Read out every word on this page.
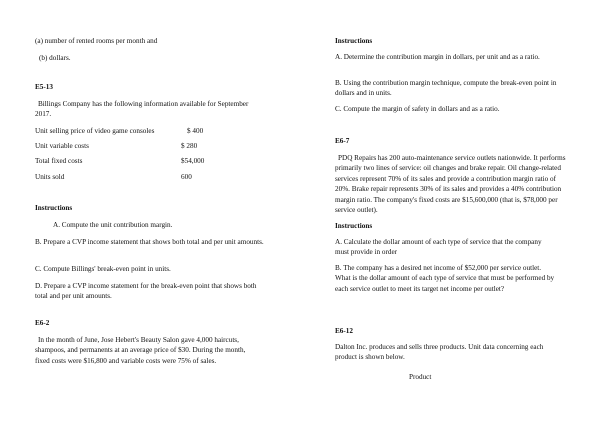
(a) number of rented rooms per month and

(b) dollars.

E5-13

Billings Company has the following information available for September 2017.

Unit selling price of video game consoles	$ 400
Unit variable costs	$ 280
Total fixed costs	$54,000
Units sold	600

Instructions

A. Compute the unit contribution margin.

B. Prepare a CVP income statement that shows both total and per unit amounts.

C. Compute Billings' break-even point in units.

D. Prepare a CVP income statement for the break-even point that shows both total and per unit amounts.

E6-2

In the month of June, Jose Hebert's Beauty Salon gave 4,000 haircuts, shampoos, and permanents at an average price of $30. During the month, fixed costs were $16,800 and variable costs were 75% of sales.

Instructions

A. Determine the contribution margin in dollars, per unit and as a ratio.

B. Using the contribution margin technique, compute the break-even point in dollars and in units.

C. Compute the margin of safety in dollars and as a ratio.

E6-7

PDQ Repairs has 200 auto-maintenance service outlets nationwide. It performs primarily two lines of service: oil changes and brake repair. Oil change-related services represent 70% of its sales and provide a contribution margin ratio of 20%. Brake repair represents 30% of its sales and provides a 40% contribution margin ratio. The company's fixed costs are $15,600,000 (that is, $78,000 per service outlet).

Instructions

A. Calculate the dollar amount of each type of service that the company must provide in order

B. The company has a desired net income of $52,000 per service outlet. What is the dollar amount of each type of service that must be performed by each service outlet to meet its target net income per outlet?

E6-12

Dalton Inc. produces and sells three products. Unit data concerning each product is shown below.

Product
